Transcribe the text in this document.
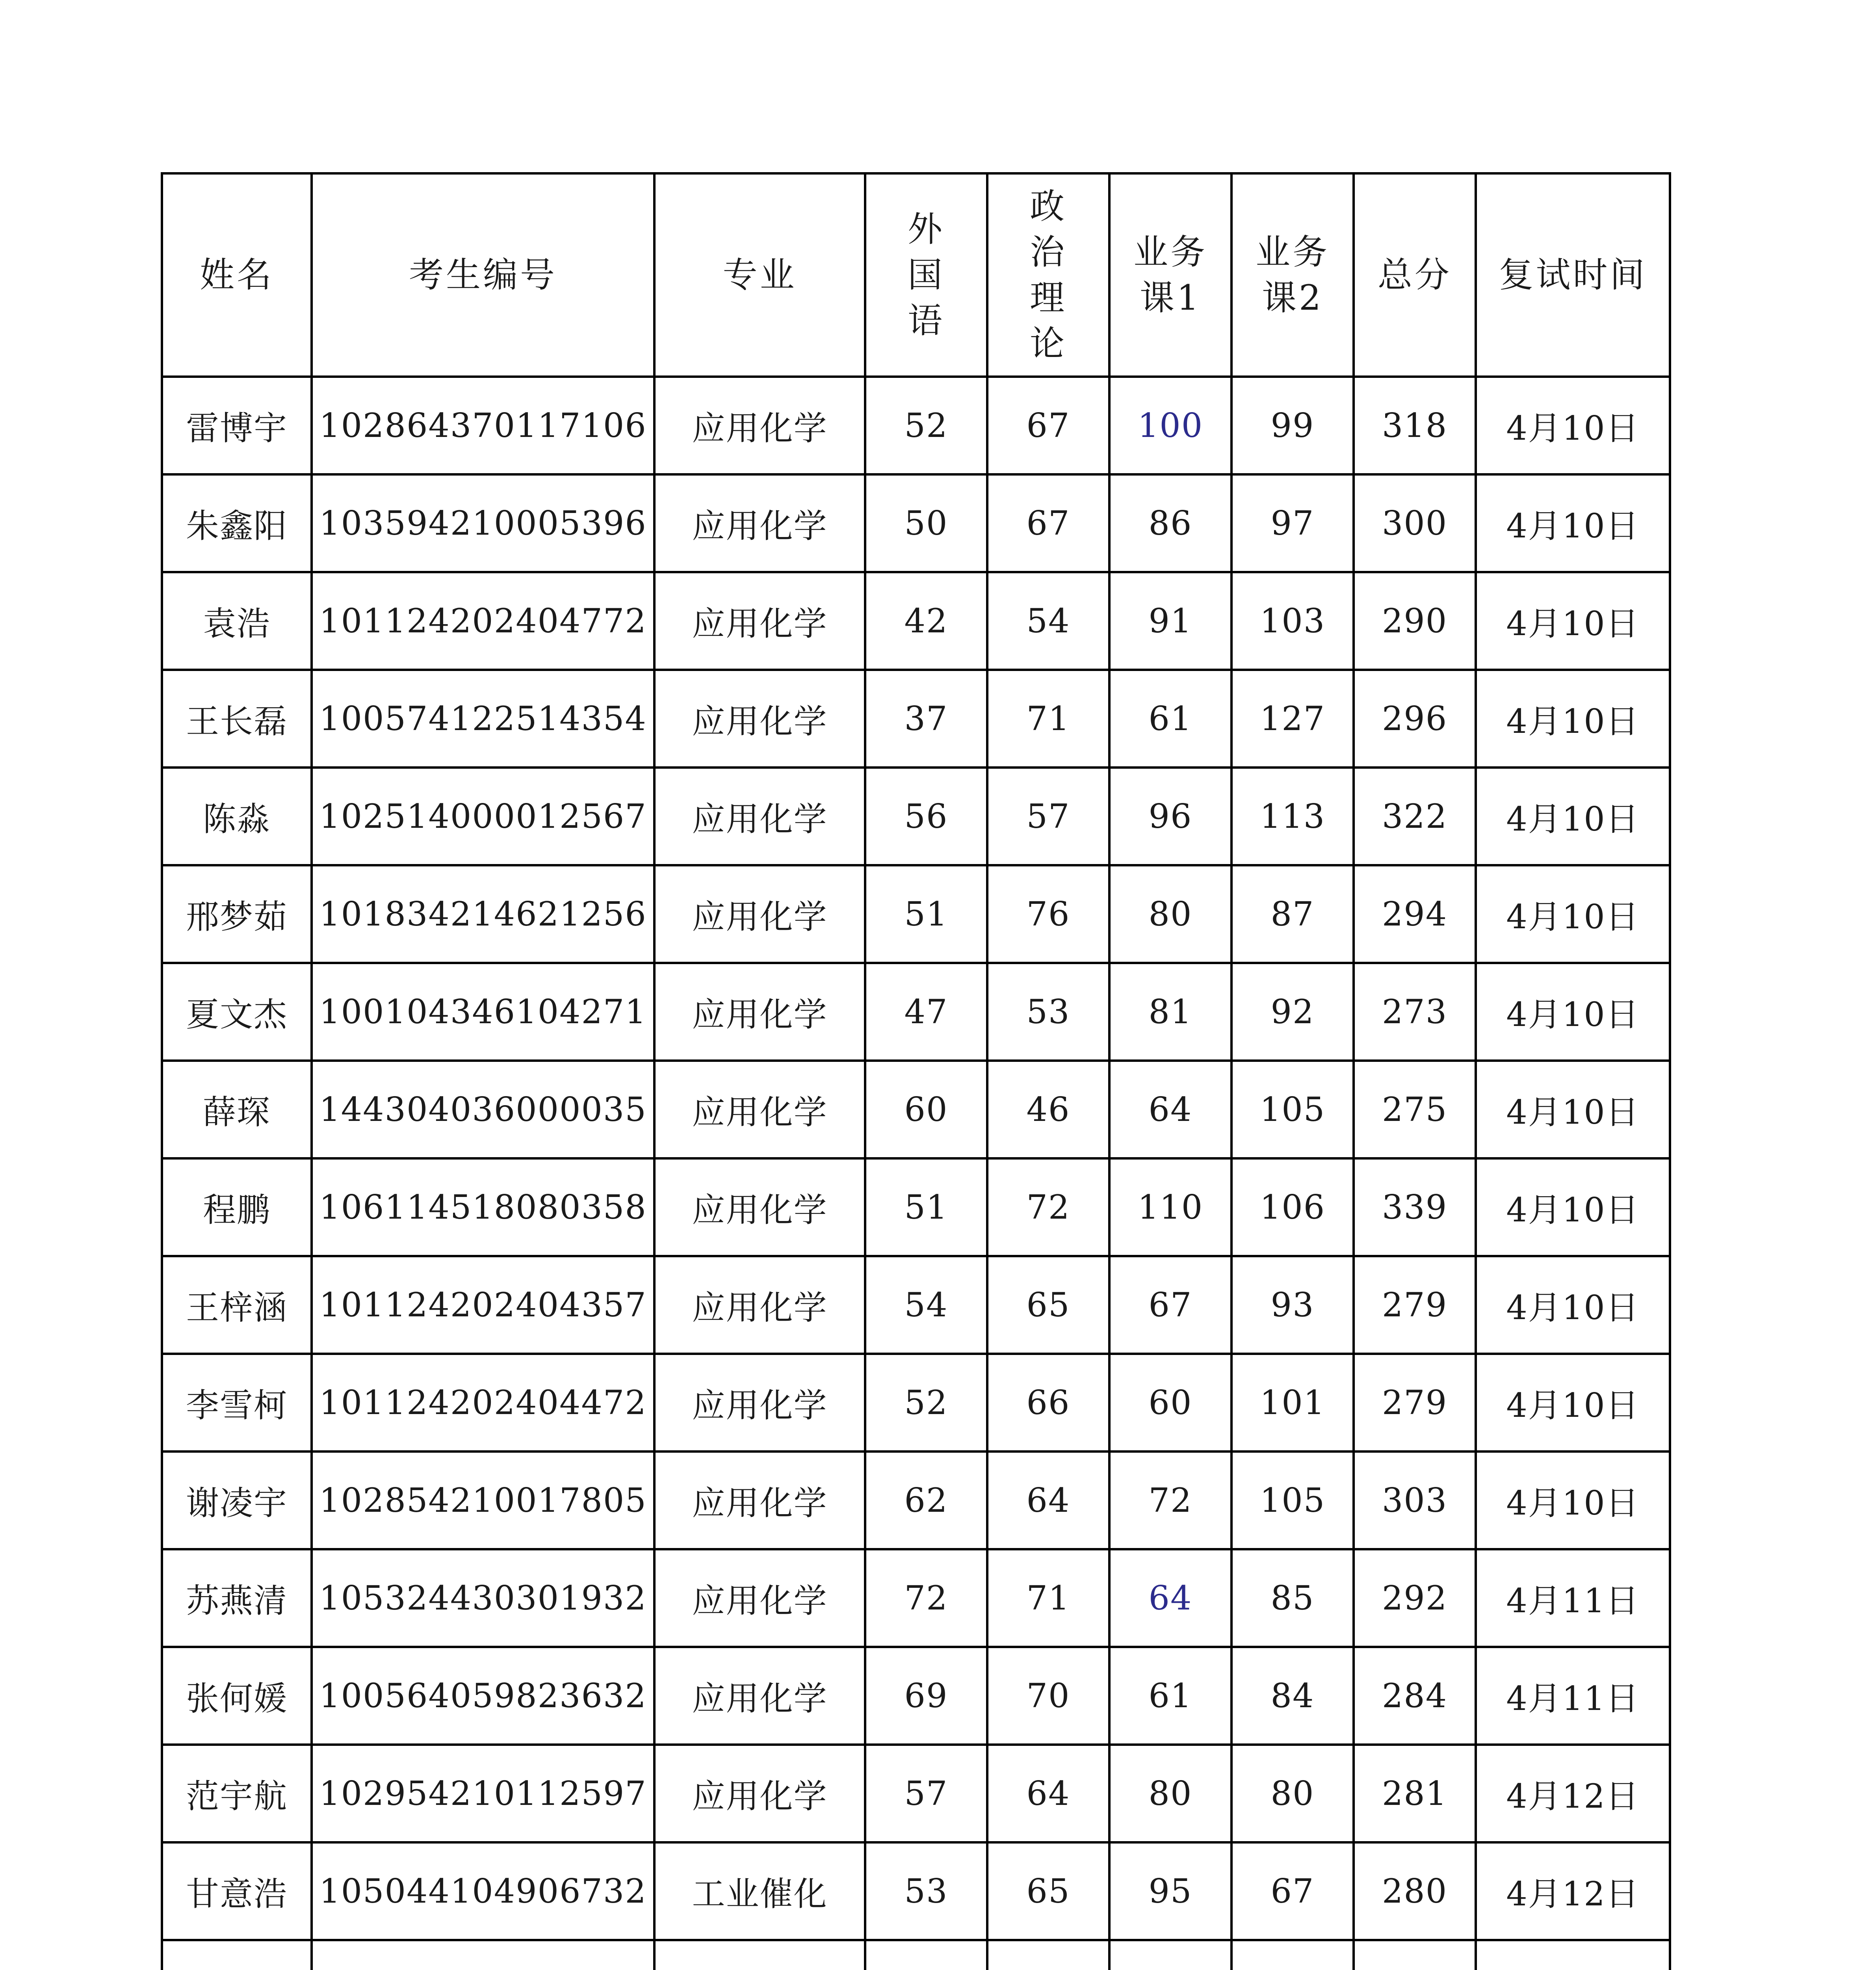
姓名	考生编号	专业	外国语	政治理论	业务课1	业务课2	总分	复试时间
雷博宇	102864370117106	应用化学	52	67	100	99	318	4月10日
朱鑫阳	103594210005396	应用化学	50	67	86	97	300	4月10日
袁浩	101124202404772	应用化学	42	54	91	103	290	4月10日
王长磊	100574122514354	应用化学	37	71	61	127	296	4月10日
陈淼	102514000012567	应用化学	56	57	96	113	322	4月10日
邢梦茹	101834214621256	应用化学	51	76	80	87	294	4月10日
夏文杰	100104346104271	应用化学	47	53	81	92	273	4月10日
薛琛	144304036000035	应用化学	60	46	64	105	275	4月10日
程鹏	106114518080358	应用化学	51	72	110	106	339	4月10日
王梓涵	101124202404357	应用化学	54	65	67	93	279	4月10日
李雪柯	101124202404472	应用化学	52	66	60	101	279	4月10日
谢凌宇	102854210017805	应用化学	62	64	72	105	303	4月10日
苏燕清	105324430301932	应用化学	72	71	64	85	292	4月11日
张何媛	100564059823632	应用化学	69	70	61	84	284	4月11日
范宇航	102954210112597	应用化学	57	64	80	80	281	4月12日
甘意浩	105044104906732	工业催化	53	65	95	67	280	4月12日
